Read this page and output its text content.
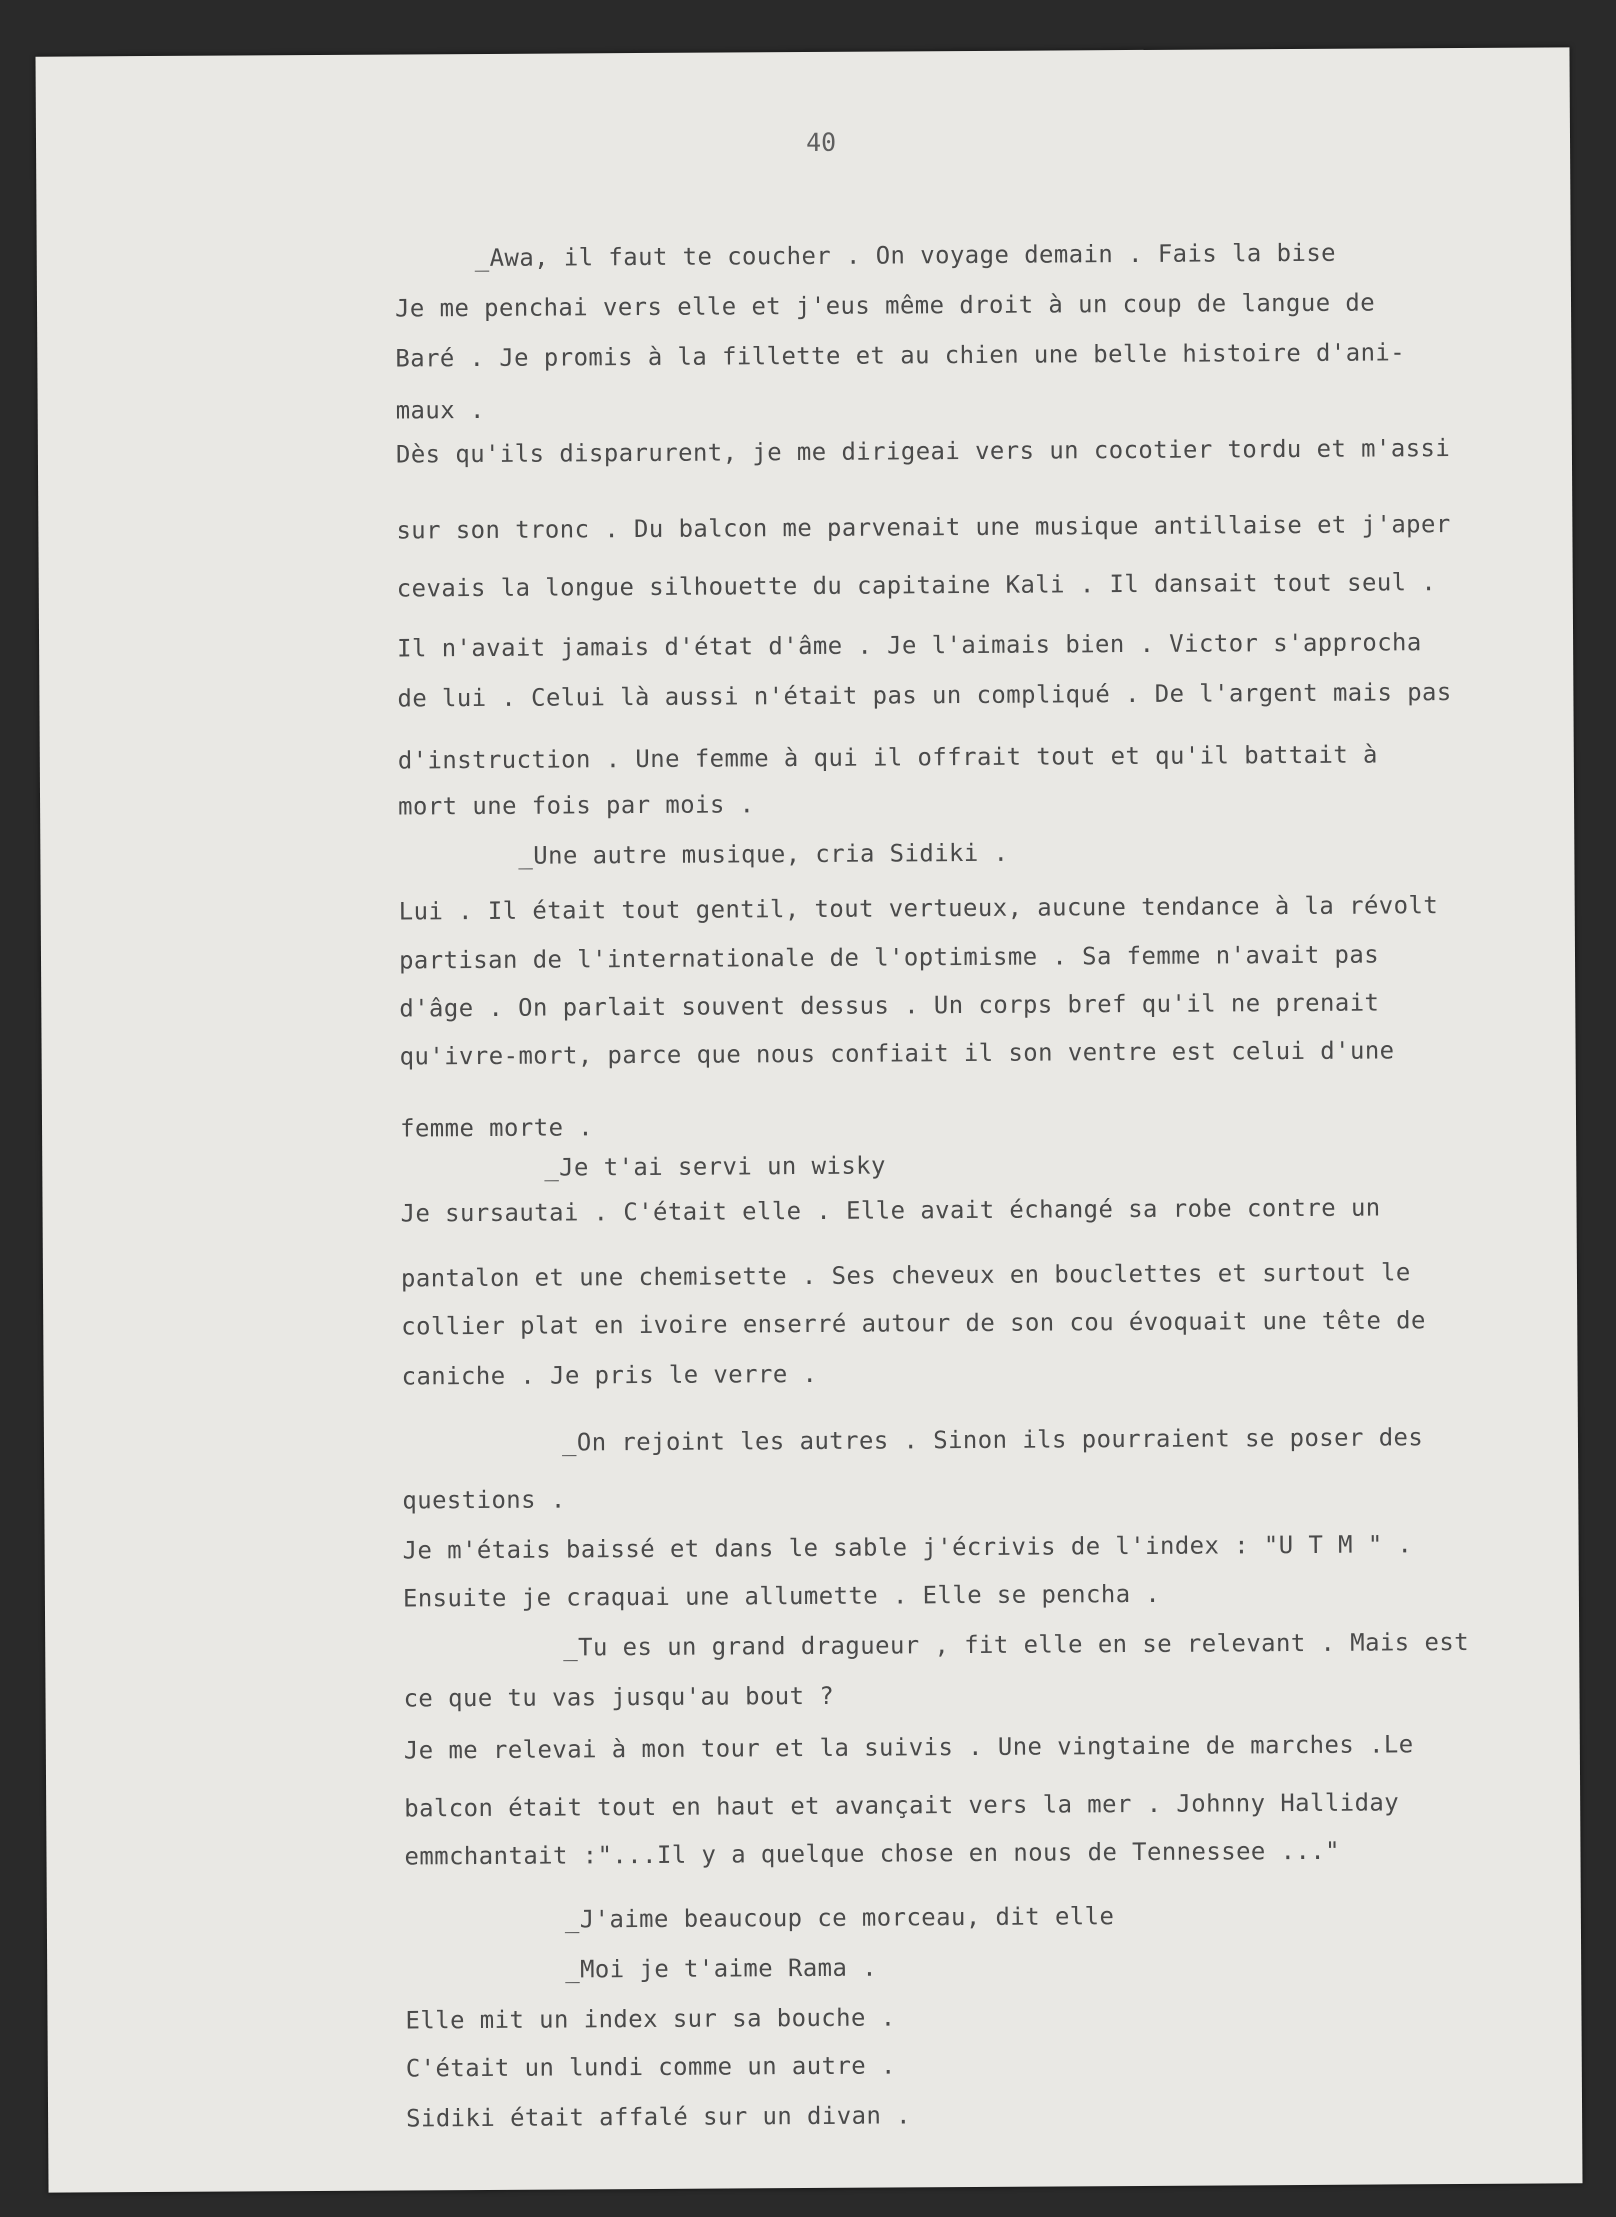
40
_Awa, il faut te coucher . On voyage demain . Fais la bise
Je me penchai vers elle et j'eus même droit à un coup de langue de
Baré . Je promis à la fillette et au chien une belle histoire d'ani-
maux .
Dès qu'ils disparurent, je me dirigeai vers un cocotier tordu et m'assi
sur son tronc . Du balcon me parvenait une musique antillaise et j'aper
cevais la longue silhouette du capitaine Kali . Il dansait tout seul .
Il n'avait jamais d'état d'âme . Je l'aimais bien . Victor s'approcha
de lui . Celui là aussi n'était pas un compliqué . De l'argent mais pas
d'instruction . Une femme à qui il offrait tout et qu'il battait à
mort une fois par mois .
_Une autre musique, cria Sidiki .
Lui . Il était tout gentil, tout vertueux, aucune tendance à la révolt
partisan de l'internationale de l'optimisme . Sa femme n'avait pas
d'âge . On parlait souvent dessus . Un corps bref qu'il ne prenait
qu'ivre-mort, parce que nous confiait il son ventre est celui d'une
femme morte .
_Je t'ai servi un wisky
Je sursautai . C'était elle . Elle avait échangé sa robe contre un
pantalon et une chemisette . Ses cheveux en bouclettes et surtout le
collier plat en ivoire enserré autour de son cou évoquait une tête de
caniche . Je pris le verre .
_On rejoint les autres . Sinon ils pourraient se poser des
questions .
Je m'étais baissé et dans le sable j'écrivis de l'index : "U T M " .
Ensuite je craquai une allumette . Elle se pencha .
_Tu es un grand dragueur , fit elle en se relevant . Mais est
ce que tu vas jusqu'au bout ?
Je me relevai à mon tour et la suivis . Une vingtaine de marches .Le
balcon était tout en haut et avançait vers la mer . Johnny Halliday
emmchantait :"...Il y a quelque chose en nous de Tennessee ..."
_J'aime beaucoup ce morceau, dit elle
_Moi je t'aime Rama .
Elle mit un index sur sa bouche .
C'était un lundi comme un autre .
Sidiki était affalé sur un divan .
